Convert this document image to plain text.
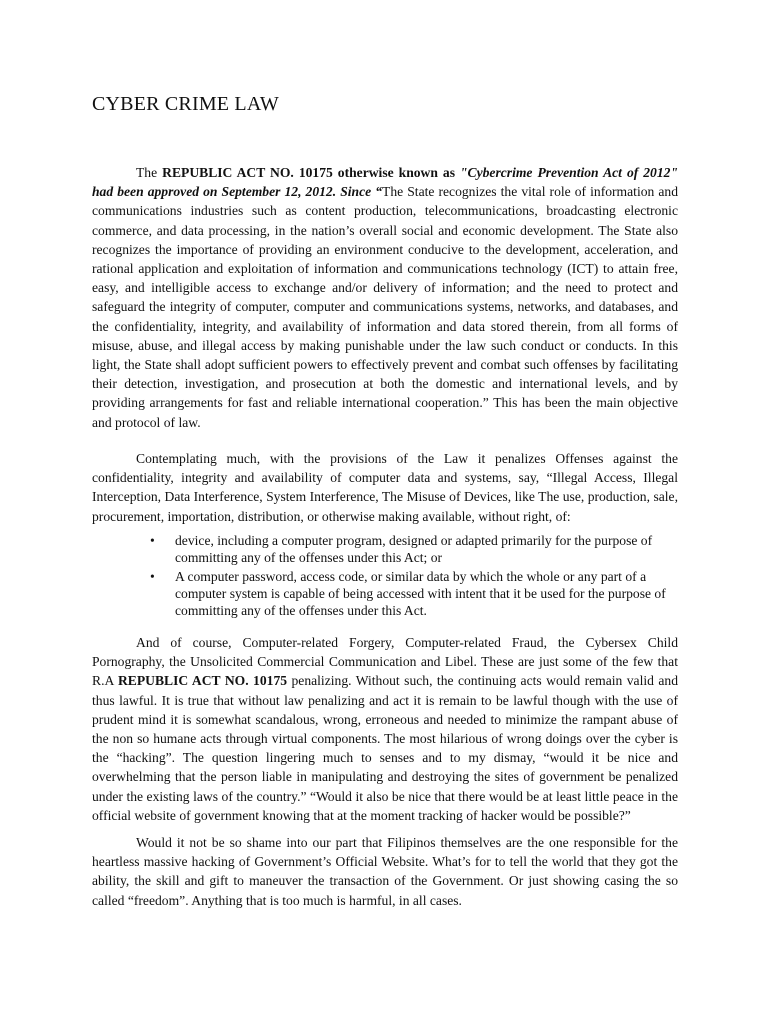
CYBER CRIME LAW

The REPUBLIC ACT NO. 10175 otherwise known as "Cybercrime Prevention Act of 2012" had been approved on September 12, 2012. Since “The State recognizes the vital role of information and communications industries such as content production, telecommunications, broadcasting electronic commerce, and data processing, in the nation’s overall social and economic development. The State also recognizes the importance of providing an environment conducive to the development, acceleration, and rational application and exploitation of information and communications technology (ICT) to attain free, easy, and intelligible access to exchange and/or delivery of information; and the need to protect and safeguard the integrity of computer, computer and communications systems, networks, and databases, and the confidentiality, integrity, and availability of information and data stored therein, from all forms of misuse, abuse, and illegal access by making punishable under the law such conduct or conducts. In this light, the State shall adopt sufficient powers to effectively prevent and combat such offenses by facilitating their detection, investigation, and prosecution at both the domestic and international levels, and by providing arrangements for fast and reliable international cooperation.” This has been the main objective and protocol of law.

Contemplating much, with the provisions of the Law it penalizes Offenses against the confidentiality, integrity and availability of computer data and systems, say, “Illegal Access, Illegal Interception, Data Interference, System Interference, The Misuse of Devices, like The use, production, sale, procurement, importation, distribution, or otherwise making available, without right, of:

• device, including a computer program, designed or adapted primarily for the purpose of committing any of the offenses under this Act; or
• A computer password, access code, or similar data by which the whole or any part of a computer system is capable of being accessed with intent that it be used for the purpose of committing any of the offenses under this Act.

And of course, Computer-related Forgery, Computer-related Fraud, the Cybersex Child Pornography, the Unsolicited Commercial Communication and Libel. These are just some of the few that R.A REPUBLIC ACT NO. 10175 penalizing. Without such, the continuing acts would remain valid and thus lawful. It is true that without law penalizing and act it is remain to be lawful though with the use of prudent mind it is somewhat scandalous, wrong, erroneous and needed to minimize the rampant abuse of the non so humane acts through virtual components. The most hilarious of wrong doings over the cyber is the “hacking”. The question lingering much to senses and to my dismay, “would it be nice and overwhelming that the person liable in manipulating and destroying the sites of government be penalized under the existing laws of the country.” “Would it also be nice that there would be at least little peace in the official website of government knowing that at the moment tracking of hacker would be possible?”

Would it not be so shame into our part that Filipinos themselves are the one responsible for the heartless massive hacking of Government’s Official Website. What’s for to tell the world that they got the ability, the skill and gift to maneuver the transaction of the Government. Or just showing casing the so called “freedom”. Anything that is too much is harmful, in all cases.
